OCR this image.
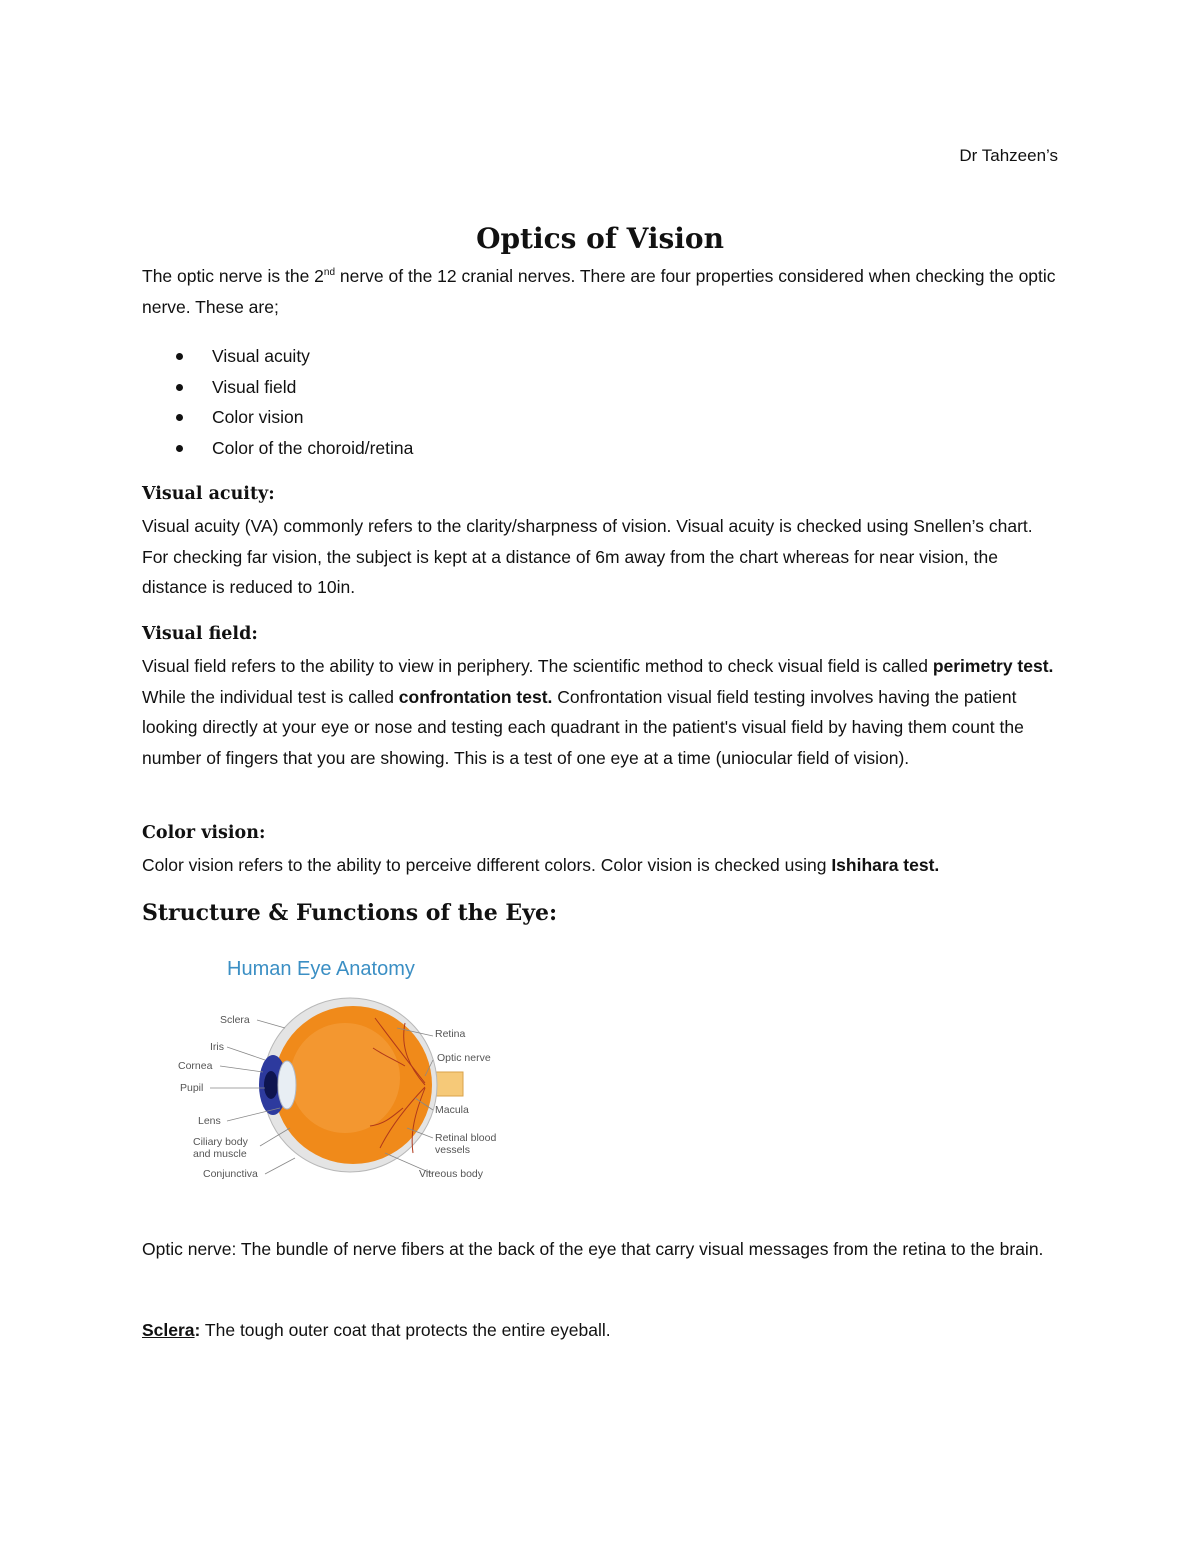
Dr Tahzeen’s
Optics of Vision
The optic nerve is the 2nd nerve of the 12 cranial nerves. There are four properties considered when checking the optic nerve. These are;
Visual acuity
Visual field
Color vision
Color of the choroid/retina
Visual acuity:
Visual acuity (VA) commonly refers to the clarity/sharpness of vision. Visual acuity is checked using Snellen’s chart. For checking far vision, the subject is kept at a distance of 6m away from the chart whereas for near vision, the distance is reduced to 10in.
Visual field:
Visual field refers to the ability to view in periphery. The scientific method to check visual field is called perimetry test. While the individual test is called confrontation test. Confrontation visual field testing involves having the patient looking directly at your eye or nose and testing each quadrant in the patient's visual field by having them count the number of fingers that you are showing. This is a test of one eye at a time (uniocular field of vision).
Color vision:
Color vision refers to the ability to perceive different colors. Color vision is checked using Ishihara test.
Structure & Functions of the Eye:
Human Eye Anatomy
Sclera
Iris
Cornea
Pupil
Lens
Ciliary body
and muscle
Conjunctiva
Retina
Optic nerve
Macula
Retinal blood
vessels
Vitreous body
Optic nerve: The bundle of nerve fibers at the back of the eye that carry visual messages from the retina to the brain.
Sclera: The tough outer coat that protects the entire eyeball.
